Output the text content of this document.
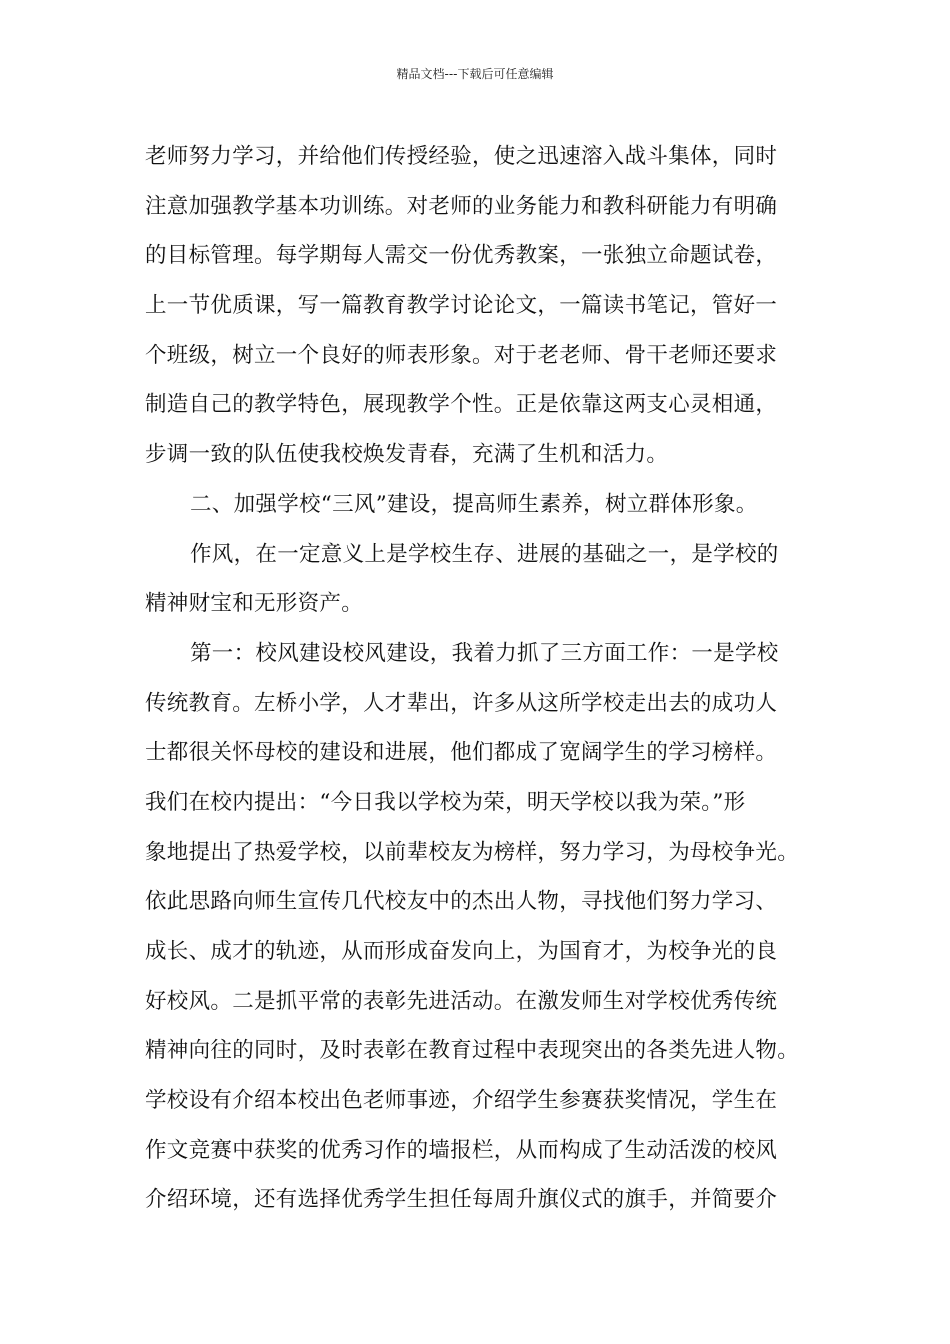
精品文档---下载后可任意编辑
老师努力学习，并给他们传授经验，使之迅速溶入战斗集体，同时
注意加强教学基本功训练。对老师的业务能力和教科研能力有明确
的目标管理。每学期每人需交一份优秀教案，一张独立命题试卷，
上一节优质课，写一篇教育教学讨论论文，一篇读书笔记，管好一
个班级，树立一个良好的师表形象。对于老老师、骨干老师还要求
制造自己的教学特色，展现教学个性。正是依靠这两支心灵相通，
步调一致的队伍使我校焕发青春，充满了生机和活力。
二、加强学校“三风”建设，提高师生素养，树立群体形象。
作风，在一定意义上是学校生存、进展的基础之一，是学校的
精神财宝和无形资产。
第一：校风建设校风建设，我着力抓了三方面工作：一是学校
传统教育。左桥小学，人才辈出，许多从这所学校走出去的成功人
士都很关怀母校的建设和进展，他们都成了宽阔学生的学习榜样。
我们在校内提出：“今日我以学校为荣，明天学校以我为荣。”形
象地提出了热爱学校，以前辈校友为榜样，努力学习，为母校争光。
依此思路向师生宣传几代校友中的杰出人物，寻找他们努力学习、
成长、成才的轨迹，从而形成奋发向上，为国育才，为校争光的良
好校风。二是抓平常的表彰先进活动。在激发师生对学校优秀传统
精神向往的同时，及时表彰在教育过程中表现突出的各类先进人物。
学校设有介绍本校出色老师事迹，介绍学生参赛获奖情况，学生在
作文竞赛中获奖的优秀习作的墙报栏，从而构成了生动活泼的校风
介绍环境，还有选择优秀学生担任每周升旗仪式的旗手，并简要介
